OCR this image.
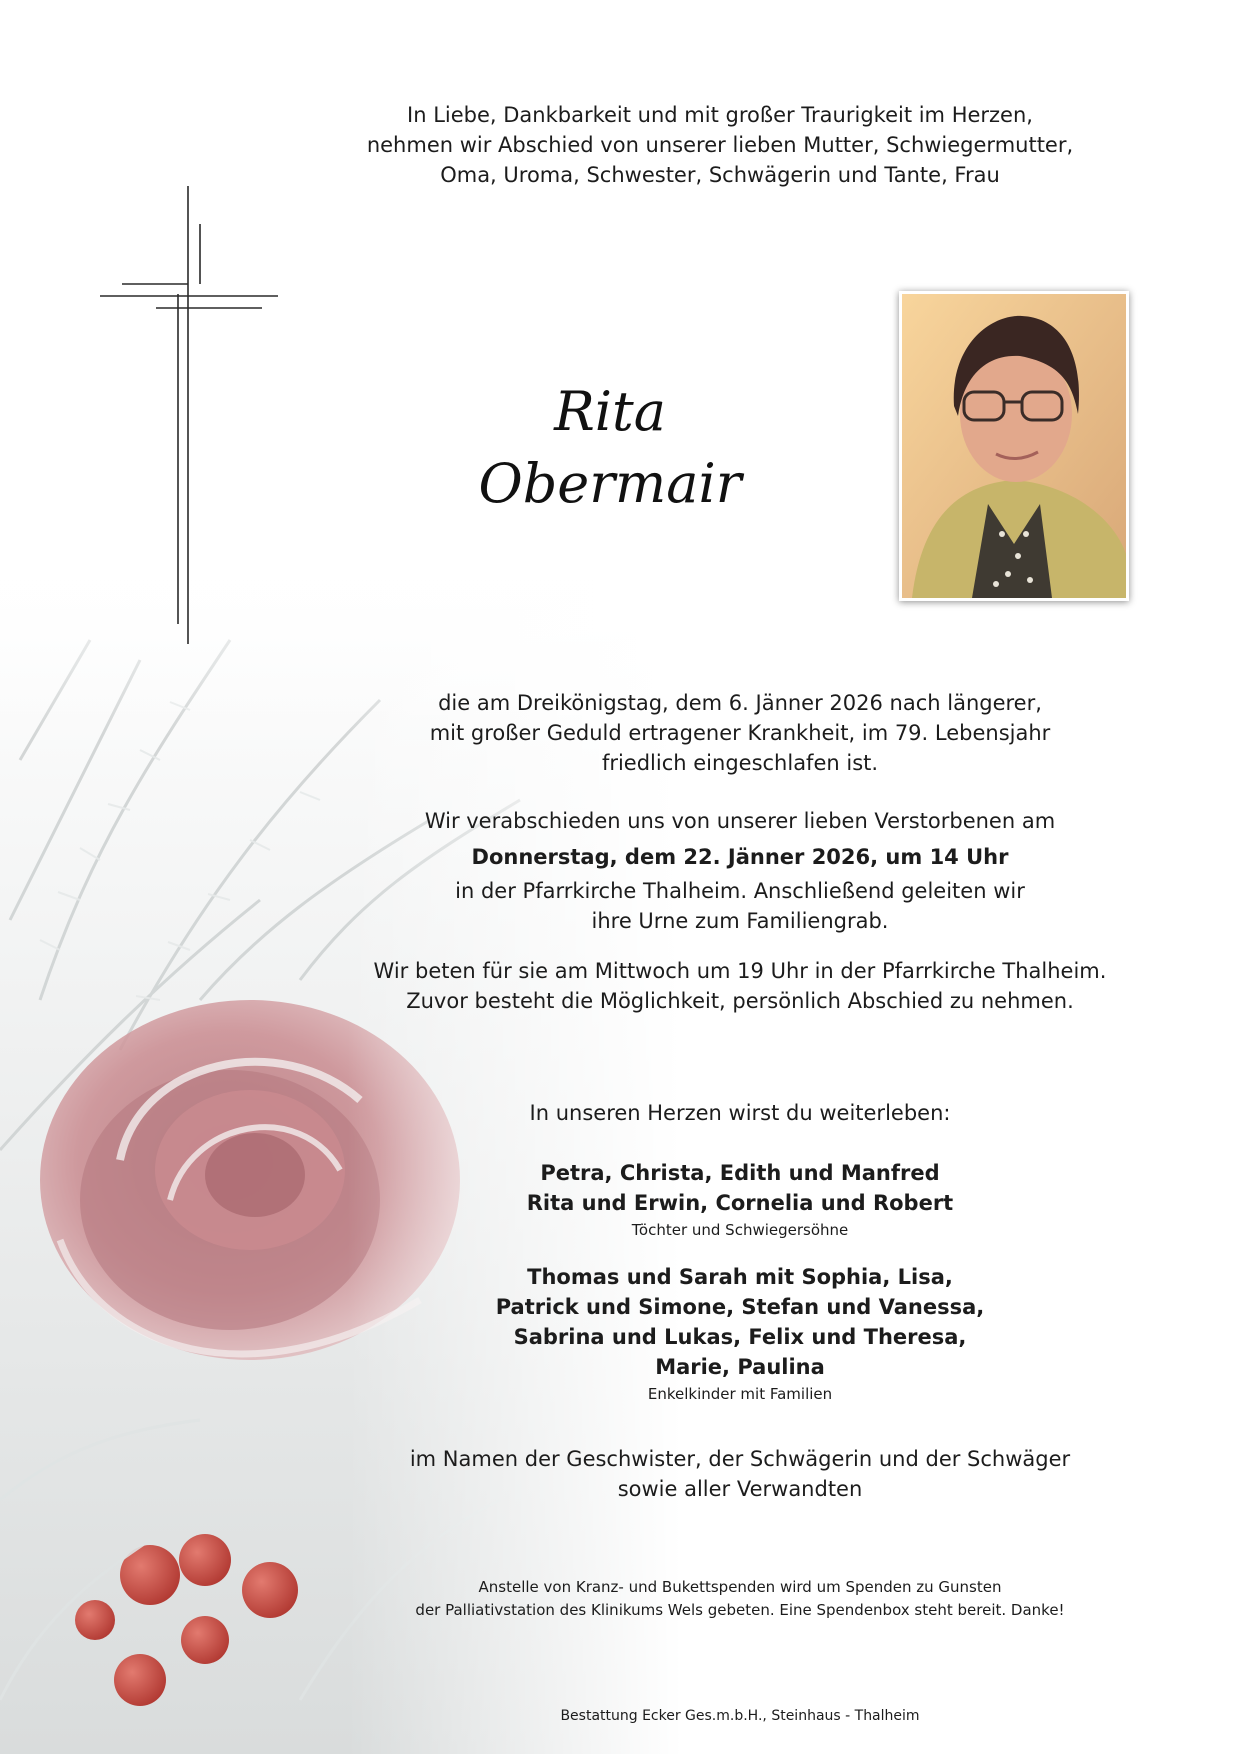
In Liebe, Dankbarkeit und mit großer Traurigkeit im Herzen,
nehmen wir Abschied von unserer lieben Mutter, Schwiegermutter,
Oma, Uroma, Schwester, Schwägerin und Tante, Frau
Rita
Obermair
die am Dreikönigstag, dem 6. Jänner 2026 nach längerer,
mit großer Geduld ertragener Krankheit, im 79. Lebensjahr
friedlich eingeschlafen ist.
Wir verabschieden uns von unserer lieben Verstorbenen am
Donnerstag, dem 22. Jänner 2026, um 14 Uhr
in der Pfarrkirche Thalheim. Anschließend geleiten wir
ihre Urne zum Familiengrab.
Wir beten für sie am Mittwoch um 19 Uhr in der Pfarrkirche Thalheim.
Zuvor besteht die Möglichkeit, persönlich Abschied zu nehmen.
In unseren Herzen wirst du weiterleben:
Petra, Christa, Edith und Manfred
Rita und Erwin, Cornelia und Robert
Töchter und Schwiegersöhne
Thomas und Sarah mit Sophia, Lisa,
Patrick und Simone, Stefan und Vanessa,
Sabrina und Lukas, Felix und Theresa,
Marie, Paulina
Enkelkinder mit Familien
im Namen der Geschwister, der Schwägerin und der Schwäger
sowie aller Verwandten
Anstelle von Kranz- und Bukettspenden wird um Spenden zu Gunsten
der Palliativstation des Klinikums Wels gebeten. Eine Spendenbox steht bereit. Danke!
Bestattung Ecker Ges.m.b.H., Steinhaus - Thalheim
